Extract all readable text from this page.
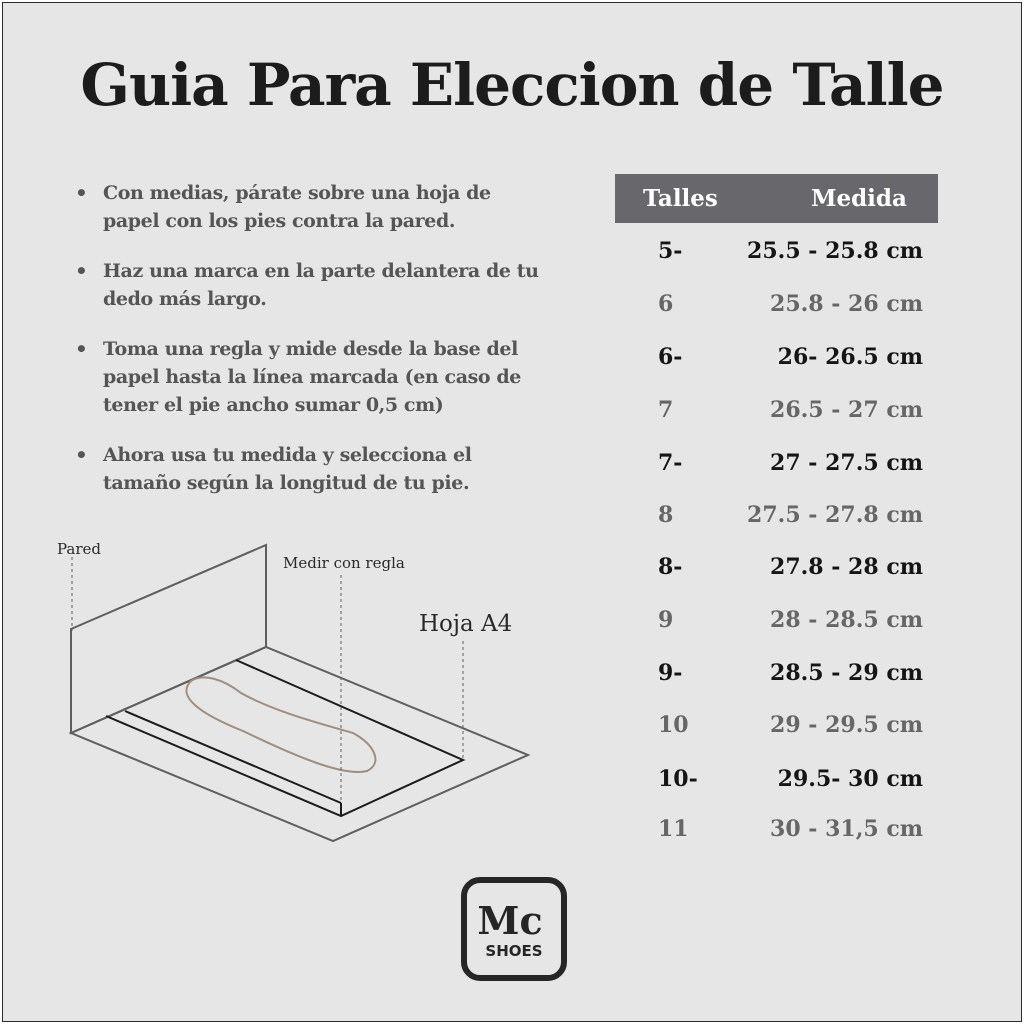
Guia Para Eleccion de Talle
• Con medias, párate sobre una hoja de papel con los pies contra la pared.
• Haz una marca en la parte delantera de tu dedo más largo.
• Toma una regla y mide desde la base del papel hasta la línea marcada (en caso de tener el pie ancho sumar 0,5 cm)
• Ahora usa tu medida y selecciona el tamaño según la longitud de tu pie.
Talles	Medida
5-	25.5 - 25.8 cm
6	25.8 - 26 cm
6-	26- 26.5 cm
7	26.5 - 27 cm
7-	27 - 27.5 cm
8	27.5 - 27.8 cm
8-	27.8 - 28 cm
9	28 - 28.5 cm
9-	28.5 - 29 cm
10	29 - 29.5 cm
10-	29.5- 30 cm
11	30 - 31,5 cm
Pared
Medir con regla
Hoja A4
Mc
SHOES
